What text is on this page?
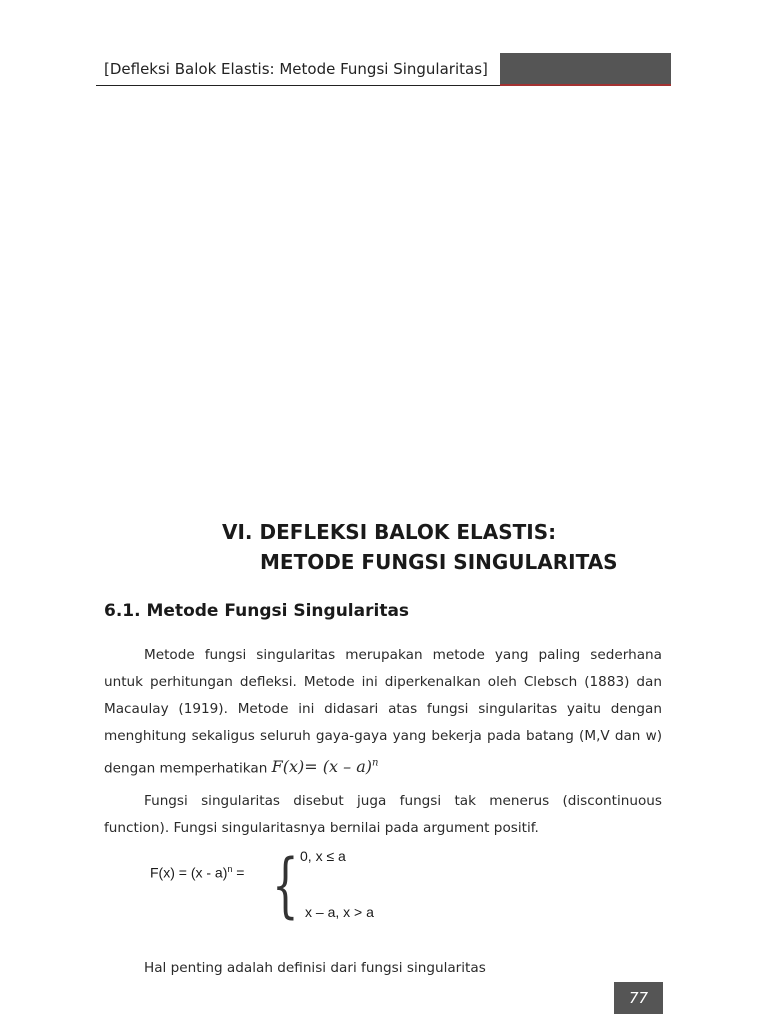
[Defleksi Balok Elastis: Metode Fungsi Singularitas]
VI. DEFLEKSI BALOK ELASTIS:
METODE FUNGSI SINGULARITAS
6.1. Metode Fungsi Singularitas
Metode fungsi singularitas merupakan metode yang paling sederhana untuk perhitungan defleksi. Metode ini diperkenalkan oleh Clebsch (1883) dan Macaulay (1919). Metode ini didasari atas fungsi singularitas yaitu dengan menghitung sekaligus seluruh gaya-gaya yang bekerja pada batang (M,V dan w) dengan memperhatikan F(x)= (x – a)$^n$
Fungsi singularitas disebut juga fungsi tak menerus (discontinuous function). Fungsi singularitasnya bernilai pada argument positif.
F(x) = (x - a)$^n$ = { 0, x ≤ a
x – a, x > a
Hal penting adalah definisi dari fungsi singularitas
77
